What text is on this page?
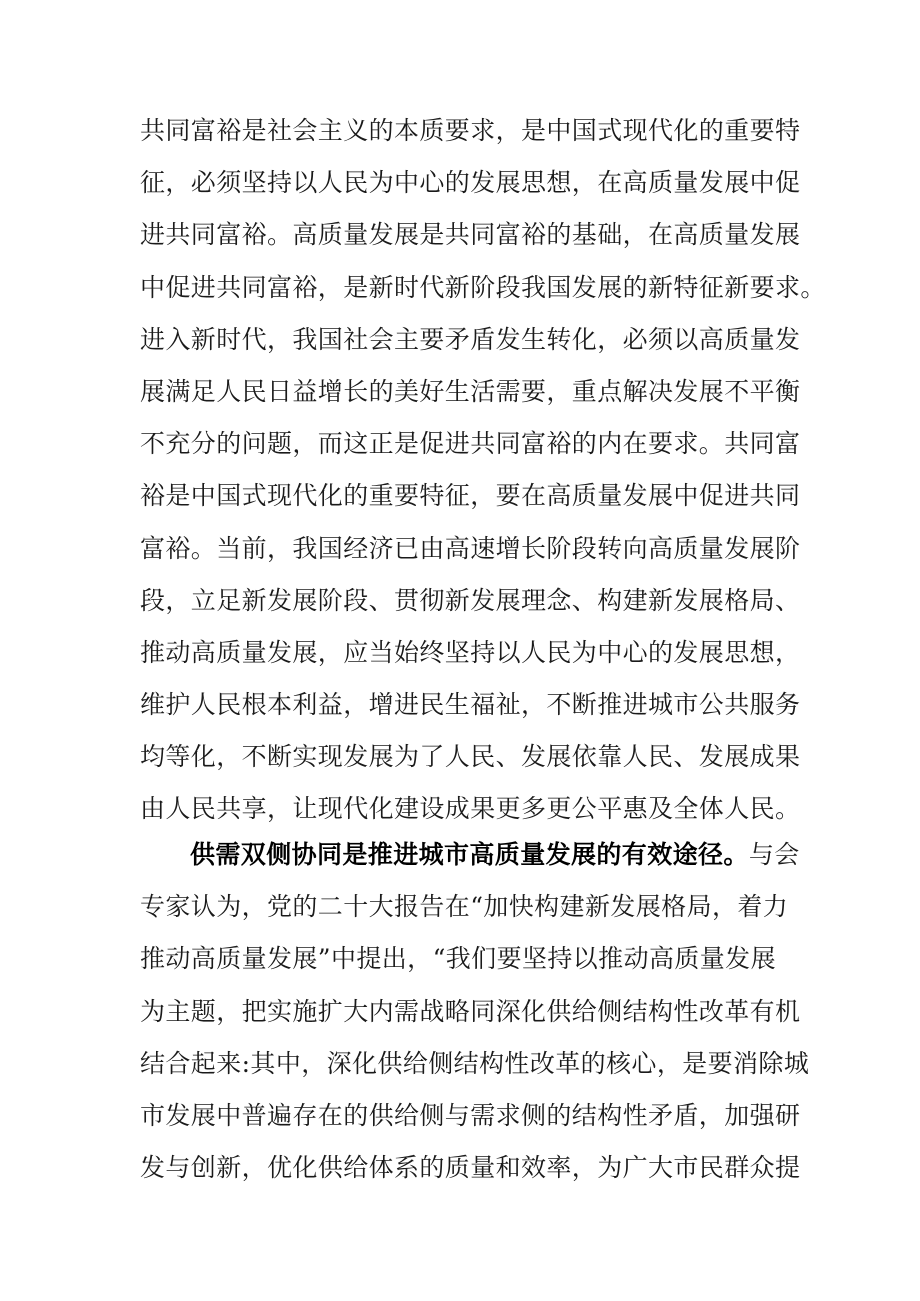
共同富裕是社会主义的本质要求，是中国式现代化的重要特
征，必须坚持以人民为中心的发展思想，在高质量发展中促
进共同富裕。高质量发展是共同富裕的基础，在高质量发展
中促进共同富裕，是新时代新阶段我国发展的新特征新要求。
进入新时代，我国社会主要矛盾发生转化，必须以高质量发
展满足人民日益增长的美好生活需要，重点解决发展不平衡
不充分的问题，而这正是促进共同富裕的内在要求。共同富
裕是中国式现代化的重要特征，要在高质量发展中促进共同
富裕。当前，我国经济已由高速增长阶段转向高质量发展阶
段，立足新发展阶段、贯彻新发展理念、构建新发展格局、
推动高质量发展，应当始终坚持以人民为中心的发展思想，
维护人民根本利益，增进民生福祉，不断推进城市公共服务
均等化，不断实现发展为了人民、发展依靠人民、发展成果
由人民共享，让现代化建设成果更多更公平惠及全体人民。
供需双侧协同是推进城市高质量发展的有效途径。与会
专家认为，党的二十大报告在“加快构建新发展格局，着力
推动高质量发展”中提出，“我们要坚持以推动高质量发展
为主题，把实施扩大内需战略同深化供给侧结构性改革有机
结合起来:其中，深化供给侧结构性改革的核心，是要消除城
市发展中普遍存在的供给侧与需求侧的结构性矛盾，加强研
发与创新，优化供给体系的质量和效率，为广大市民群众提
